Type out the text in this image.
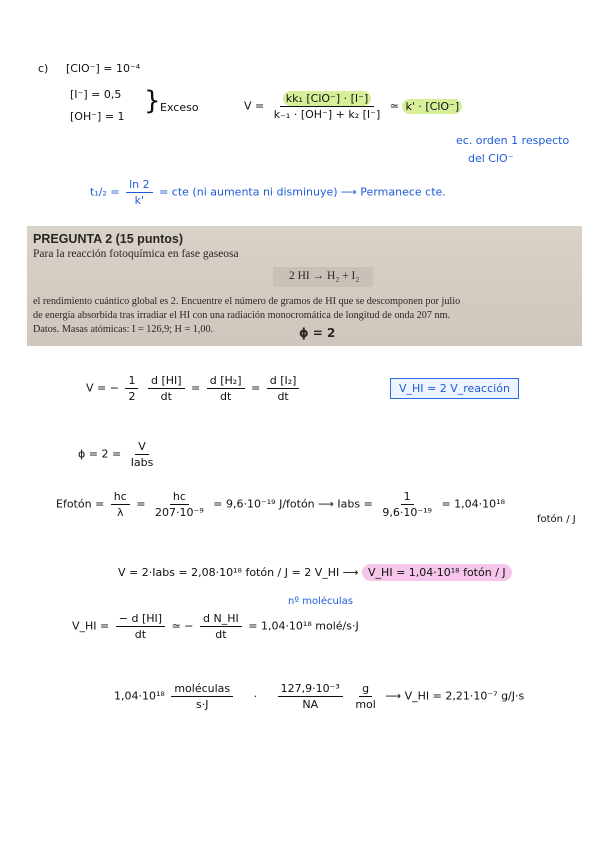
c) [ClO⁻] = 10⁻⁴
[I⁻] = 0,5
[OH⁻] = 1
} Exceso	$V = \frac{\text{kk₁ [ClO⁻] · [I⁻]}}{\text{k₋₁ · [OH⁻] + k₂ [I⁻]}}$ ≃ k' · [ClO⁻]
ec. orden 1 respecto
del ClO⁻
$t_1/_2 = \frac{\ln 2}{k'}$ = cte (ni aumenta ni disminuye) ⟶ Permanece cte.
PREGUNTA 2 (15 puntos)
Para la reacción fotoquímica en fase gaseosa
2 HI → H₂ + I₂
el rendimiento cuántico global es 2. Encuentre el número de gramos de HI que se descomponen por julio
de energía absorbida tras irradiar el HI con una radiación monocromática de longitud de onda 207 nm.
Datos. Masas atómicas: I = 126,9; H = 1,00.	ϕ = 2
V = − $\frac{1}{2}$
$\frac{d [HI]}{dt} = \frac{\text{d [H₂]}}{dt} = \frac{\text{d [I₂]}}{dt}$	V_HI = 2 V_reacción
$\phi = 2 = \frac{V}{\text{Iabs}}$
Efotón = $\frac{hc}{\lambda} = \frac{hc}{\text{207·10⁻⁹}} = 9,6\cdot 10^{-19}$ J/fotón ⟶ Iabs = $\frac{1}{\text{9,6·10⁻¹⁹}} = 1,04\cdot 10^{18}$
fotón / J
V = 2·Iabs = 2,08·10¹⁸ fotón / J = 2 V_HI ⟶ V_HI = 1,04·10¹⁸ fotón / J
nº moléculas
V_HI = $\frac{- d [HI]}{dt}$ ≃ − $\frac{\text{d N\_HI}}{dt} = 1,04\cdot 10^{18}$ molé/s·J
$1,04\cdot 10^{18} \frac{\text{moléculas}}{s\cdot J} \cdot \frac{\text{127,9·10⁻³}}{NA}$
$\frac{g}{\text{mol}}$ ⟶ V_HI = 2,21·10⁻⁷ g/J·s
